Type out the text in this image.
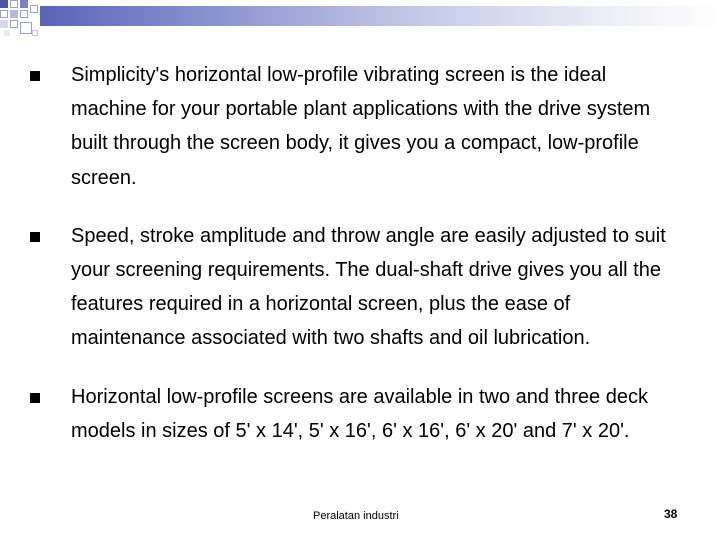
Simplicity's horizontal low-profile vibrating screen is the ideal machine for your portable plant applications with the drive system built through the screen body, it gives you a compact, low-profile screen.
Speed, stroke amplitude and throw angle are easily adjusted to suit your screening requirements. The dual-shaft drive gives you all the features required in a horizontal screen, plus the ease of maintenance associated with two shafts and oil lubrication.
Horizontal low-profile screens are available in two and three deck models in sizes of 5' x 14', 5' x 16', 6' x 16', 6' x 20' and 7' x 20'.
Peralatan industri	38
